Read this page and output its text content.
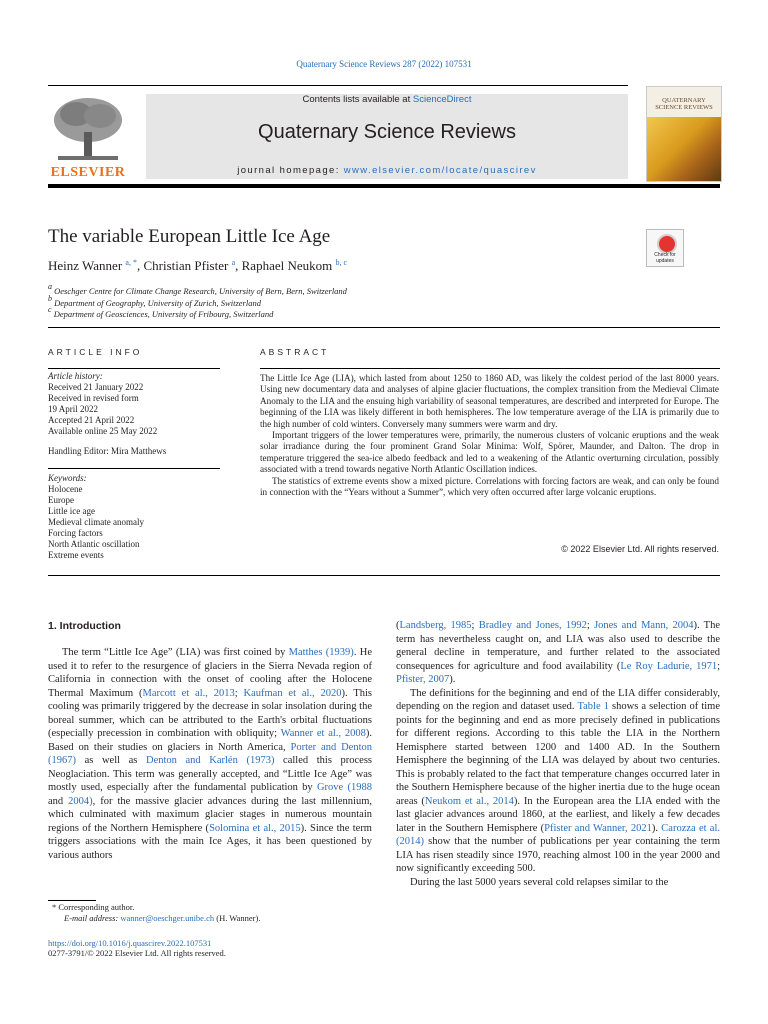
Quaternary Science Reviews 287 (2022) 107531
ELSEVIER
Contents lists available at ScienceDirect
Quaternary Science Reviews
journal homepage: www.elsevier.com/locate/quascirev
QUATERNARY SCIENCE REVIEWS
The variable European Little Ice Age
Check for updates
Heinz Wanner $^{a, *}$, Christian Pfister $^a$, Raphael Neukom $^{b, c}$
$^a$ Oeschger Centre for Climate Change Research, University of Bern, Bern, Switzerland
$^b$ Department of Geography, University of Zurich, Switzerland
$^c$ Department of Geosciences, University of Fribourg, Switzerland
ARTICLE INFO	ABSTRACT
Article history:
Received 21 January 2022
Received in revised form
19 April 2022
Accepted 21 April 2022
Available online 25 May 2022
Handling Editor: Mira Matthews
Keywords:
Holocene
Europe
Little ice age
Medieval climate anomaly
Forcing factors
North Atlantic oscillation
Extreme events

The Little Ice Age (LIA), which lasted from about 1250 to 1860 AD, was likely the coldest period of the last 8000 years. Using new documentary data and analyses of alpine glacier fluctuations, the complex transition from the Medieval Climate Anomaly to the LIA and the ensuing high variability of seasonal temperatures, are described and interpreted for Europe. The beginning of the LIA was likely different in both hemispheres. The low temperature average of the LIA is primarily due to the high number of cold winters. Conversely many summers were warm and dry.

Important triggers of the lower temperatures were, primarily, the numerous clusters of volcanic eruptions and the weak solar irradiance during the four prominent Grand Solar Minima: Wolf, Spörer, Maunder, and Dalton. The drop in temperature triggered the sea-ice albedo feedback and led to a weakening of the Atlantic overturning circulation, possibly associated with a trend towards negative North Atlantic Oscillation indices.

The statistics of extreme events show a mixed picture. Correlations with forcing factors are weak, and can only be found in connection with the “Years without a Summer”, which very often occurred after large volcanic eruptions.

© 2022 Elsevier Ltd. All rights reserved.
1. Introduction

The term “Little Ice Age” (LIA) was first coined by Matthes (1939). He used it to refer to the resurgence of glaciers in the Sierra Nevada region of California in connection with the onset of cooling after the Holocene Thermal Maximum (Marcott et al., 2013; Kaufman et al., 2020). This cooling was primarily triggered by the decrease in solar insolation during the boreal summer, which can be attributed to the Earth's orbital fluctuations (especially precession in combination with obliquity; Wanner et al., 2008). Based on their studies on glaciers in North America, Porter and Denton (1967) as well as Denton and Karlén (1973) called this process Neoglaciation. This term was generally accepted, and “Little Ice Age” was mostly used, especially after the fundamental publication by Grove (1988 and 2004), for the massive glacier advances during the last millennium, which culminated with maximum glacier stages in numerous mountain regions of the Northern Hemisphere (Solomina et al., 2015). Since the term triggers associations with the main Ice Ages, it has been questioned by various authors

(Landsberg, 1985; Bradley and Jones, 1992; Jones and Mann, 2004). The term has nevertheless caught on, and LIA was also used to describe the general decline in temperature, and further related to the associated consequences for agriculture and food availability (Le Roy Ladurie, 1971; Pfister, 2007).

The definitions for the beginning and end of the LIA differ considerably, depending on the region and dataset used. Table 1 shows a selection of time points for the beginning and end as more precisely defined in publications for different regions. According to this table the LIA in the Northern Hemisphere started between 1200 and 1400 AD. In the Southern Hemisphere the beginning of the LIA was delayed by about two centuries. This is probably related to the fact that temperature changes occurred later in the Southern Hemisphere because of the higher inertia due to the huge ocean areas (Neukom et al., 2014). In the European area the LIA ended with the last glacier advances around 1860, at the earliest, and likely a few decades later in the Southern Hemisphere (Pfister and Wanner, 2021). Carozza et al. (2014) show that the number of publications per year containing the term LIA has risen steadily since 1970, reaching almost 100 in the year 2000 and now significantly exceeding 500.

During the last 5000 years several cold relapses similar to the

* Corresponding author.
E-mail address: wanner@oeschger.unibe.ch (H. Wanner).
https://doi.org/10.1016/j.quascirev.2022.107531
0277-3791/© 2022 Elsevier Ltd. All rights reserved.
